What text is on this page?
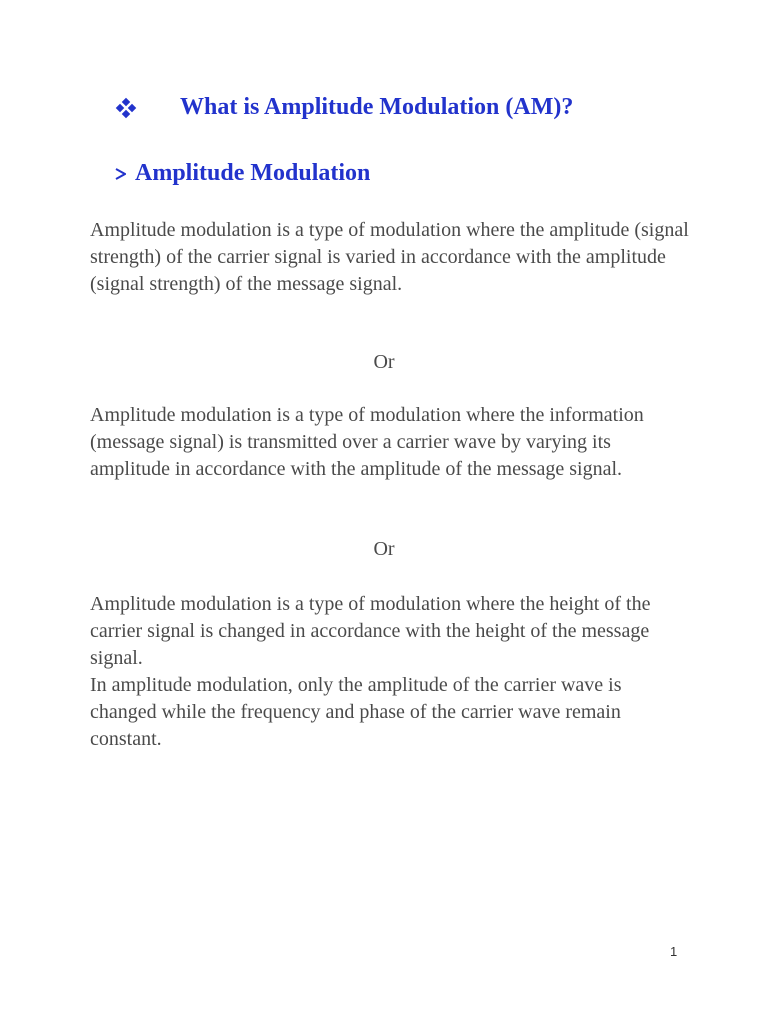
What is Amplitude Modulation (AM)?
Amplitude Modulation

Amplitude modulation is a type of modulation where the amplitude (signal strength) of the carrier signal is varied in accordance with the amplitude (signal strength) of the message signal.

Or

Amplitude modulation is a type of modulation where the information (message signal) is transmitted over a carrier wave by varying its amplitude in accordance with the amplitude of the message signal.

Or

Amplitude modulation is a type of modulation where the height of the carrier signal is changed in accordance with the height of the message signal.

In amplitude modulation, only the amplitude of the carrier wave is changed while the frequency and phase of the carrier wave remain constant.

1
